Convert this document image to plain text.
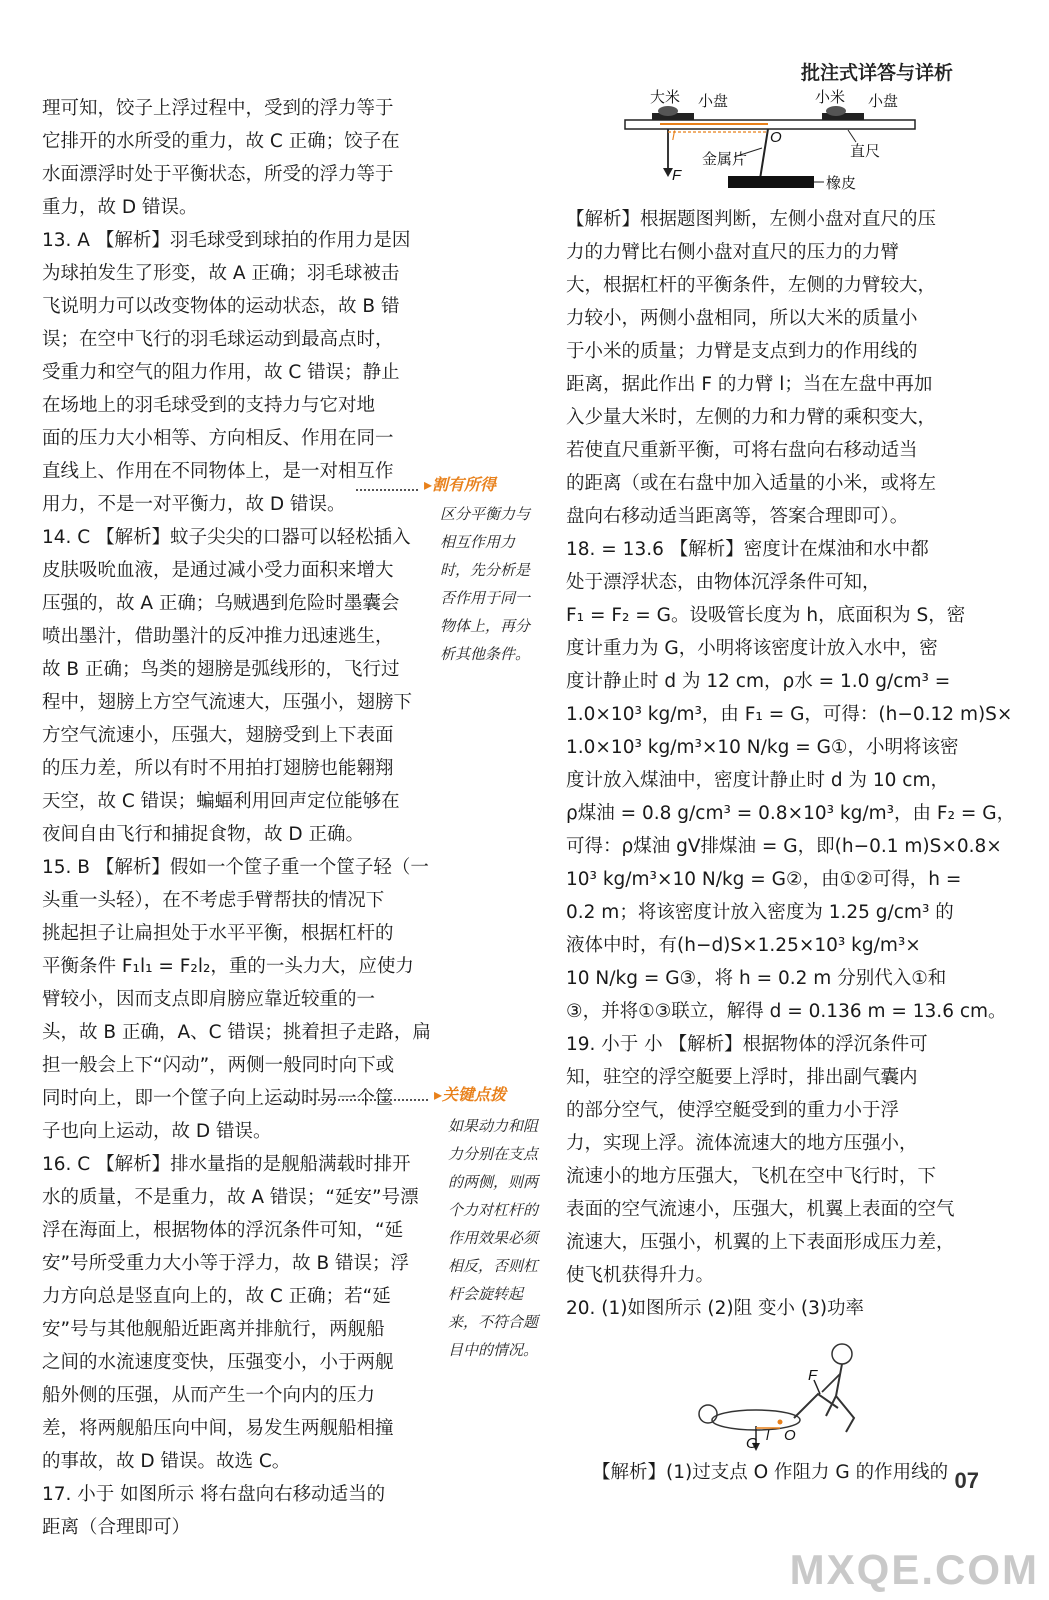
批注式详答与详析

理可知，饺子上浮过程中，受到的浮力等于

它排开的水所受的重力，故 C 正确；饺子在

水面漂浮时处于平衡状态，所受的浮力等于

重力，故 D 错误。

13. A 【解析】羽毛球受到球拍的作用力是因

为球拍发生了形变，故 A 正确；羽毛球被击

飞说明力可以改变物体的运动状态，故 B 错

误；在空中飞行的羽毛球运动到最高点时，

受重力和空气的阻力作用，故 C 错误；静止

在场地上的羽毛球受到的支持力与它对地

面的压力大小相等、方向相反、作用在同一

直线上、作用在不同物体上，是一对相互作

用力，不是一对平衡力，故 D 错误。

14. C 【解析】蚊子尖尖的口器可以轻松插入

皮肤吸吮血液，是通过减小受力面积来增大

压强的，故 A 正确；乌贼遇到危险时墨囊会

喷出墨汁，借助墨汁的反冲推力迅速逃生，

故 B 正确；鸟类的翅膀是弧线形的，飞行过

程中，翅膀上方空气流速大，压强小，翅膀下

方空气流速小，压强大，翅膀受到上下表面

的压力差，所以有时不用拍打翅膀也能翱翔

天空，故 C 错误；蝙蝠利用回声定位能够在

夜间自由飞行和捕捉食物，故 D 正确。

15. B 【解析】假如一个筐子重一个筐子轻（一

头重一头轻），在不考虑手臂帮扶的情况下

挑起担子让扁担处于水平平衡，根据杠杆的

平衡条件 F₁l₁ = F₂l₂，重的一头力大，应使力

臂较小，因而支点即肩膀应靠近较重的一

头，故 B 正确，A、C 错误；挑着担子走路，扁

担一般会上下“闪动”，两侧一般同时向下或

同时向上，即一个筐子向上运动时另一个筐

子也向上运动，故 D 错误。

16. C 【解析】排水量指的是舰船满载时排开

水的质量，不是重力，故 A 错误；“延安”号漂

浮在海面上，根据物体的浮沉条件可知，“延

安”号所受重力大小等于浮力，故 B 错误；浮

力方向总是竖直向上的，故 C 正确；若“延

安”号与其他舰船近距离并排航行，两舰船

之间的水流速度变快，压强变小，小于两舰

船外侧的压强，从而产生一个向内的压力

差，将两舰船压向中间，易发生两舰船相撞

的事故，故 D 错误。故选 C。

17. 小于 如图所示 将右盘向右移动适当的

距离（合理即可）

▸割有所得
区分平衡力与
相互作用力
时，先分析是
否作用于同一
物体上，再分
析其他条件。
▸关键点拨
如果动力和阻
力分别在支点
的两侧，则两
个力对杠杆的
作用效果必须
相反，否则杠
杆会旋转起
来，不符合题
目中的情况。
大米 小盘	小米 小盘
O
金属片	直尺
F
l
橡皮

【解析】根据题图判断，左侧小盘对直尺的压

力的力臂比右侧小盘对直尺的压力的力臂

大，根据杠杆的平衡条件，左侧的力臂较大，

力较小，两侧小盘相同，所以大米的质量小

于小米的质量；力臂是支点到力的作用线的

距离，据此作出 F 的力臂 l；当在左盘中再加

入少量大米时，左侧的力和力臂的乘积变大，

若使直尺重新平衡，可将右盘向右移动适当

的距离（或在右盘中加入适量的小米，或将左

盘向右移动适当距离等，答案合理即可）。

18. = 13.6 【解析】密度计在煤油和水中都

处于漂浮状态，由物体沉浮条件可知，

F₁ = F₂ = G。设吸管长度为 h，底面积为 S，密

度计重力为 G，小明将该密度计放入水中，密

度计静止时 d 为 12 cm，ρ水 = 1.0 g/cm³ =

1.0×10³ kg/m³，由 F₁ = G，可得：(h−0.12 m)S×

1.0×10³ kg/m³×10 N/kg = G①，小明将该密

度计放入煤油中，密度计静止时 d 为 10 cm，

ρ煤油 = 0.8 g/cm³ = 0.8×10³ kg/m³，由 F₂ = G，

可得：ρ煤油 gV排煤油 = G，即(h−0.1 m)S×0.8×

10³ kg/m³×10 N/kg = G②，由①②可得，h =

0.2 m；将该密度计放入密度为 1.25 g/cm³ 的

液体中时，有(h−d)S×1.25×10³ kg/m³×

10 N/kg = G③，将 h = 0.2 m 分别代入①和

③，并将①③联立，解得 d = 0.136 m = 13.6 cm。

19. 小于 小 【解析】根据物体的浮沉条件可

知，驻空的浮空艇要上浮时，排出副气囊内

的部分空气，使浮空艇受到的重力小于浮

力，实现上浮。流体流速大的地方压强小，

流速小的地方压强大，飞机在空中飞行时，下

表面的空气流速小，压强大，机翼上表面的空气

流速大，压强小，机翼的上下表面形成压力差，

使飞机获得升力。

20. (1)如图所示 (2)阻 变小 (3)功率

F
G l O
【解析】(1)过支点 O 作阻力 G 的作用线的 07
MXQE.COM
